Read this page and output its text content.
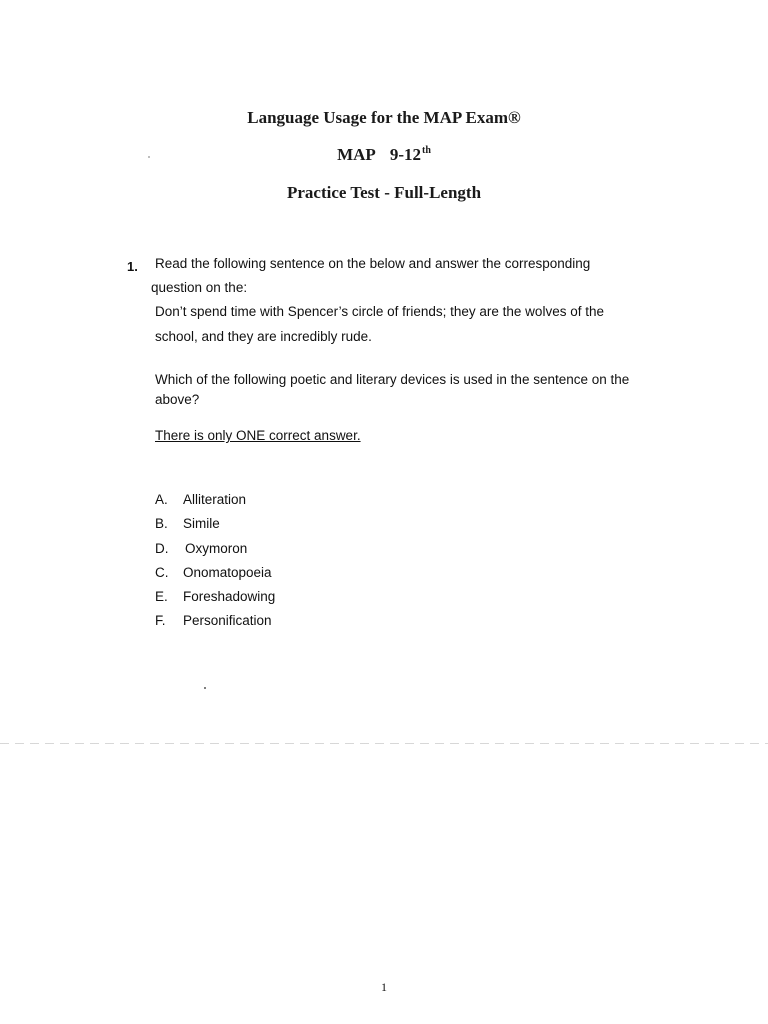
Language Usage for the MAP Exam®
MAP 9-12th
Practice Test - Full-Length
1. Read the following sentence on the below and answer the corresponding
question on the:
Don’t spend time with Spencer’s circle of friends; they are the wolves of the
school, and they are incredibly rude.
Which of the following poetic and literary devices is used in the sentence on the
above?
There is only ONE correct answer.
A. Alliteration
B. Simile
D. Oxymoron
C. Onomatopoeia
E. Foreshadowing
F. Personification
1
